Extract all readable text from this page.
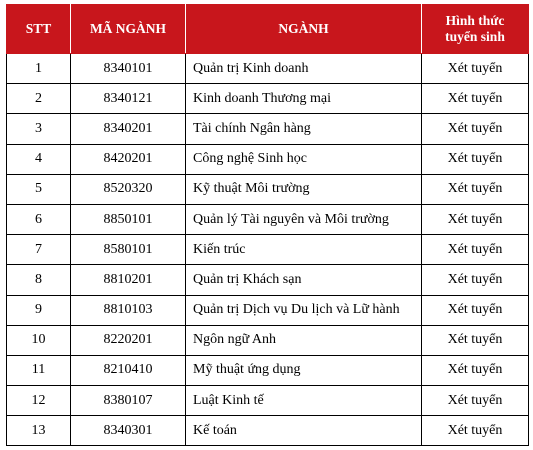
STT	MÃ NGÀNH	NGÀNH	Hình thức
tuyển sinh
1	8340101	Quản trị Kinh doanh	Xét tuyển
2	8340121	Kinh doanh Thương mại	Xét tuyển
3	8340201	Tài chính Ngân hàng	Xét tuyển
4	8420201	Công nghệ Sinh học	Xét tuyển
5	8520320	Kỹ thuật Môi trường	Xét tuyển
6	8850101	Quản lý Tài nguyên và Môi trường	Xét tuyển
7	8580101	Kiến trúc	Xét tuyển
8	8810201	Quản trị Khách sạn	Xét tuyển
9	8810103	Quản trị Dịch vụ Du lịch và Lữ hành	Xét tuyển
10	8220201	Ngôn ngữ Anh	Xét tuyển
11	8210410	Mỹ thuật ứng dụng	Xét tuyển
12	8380107	Luật Kinh tế	Xét tuyển
13	8340301	Kế toán	Xét tuyển
